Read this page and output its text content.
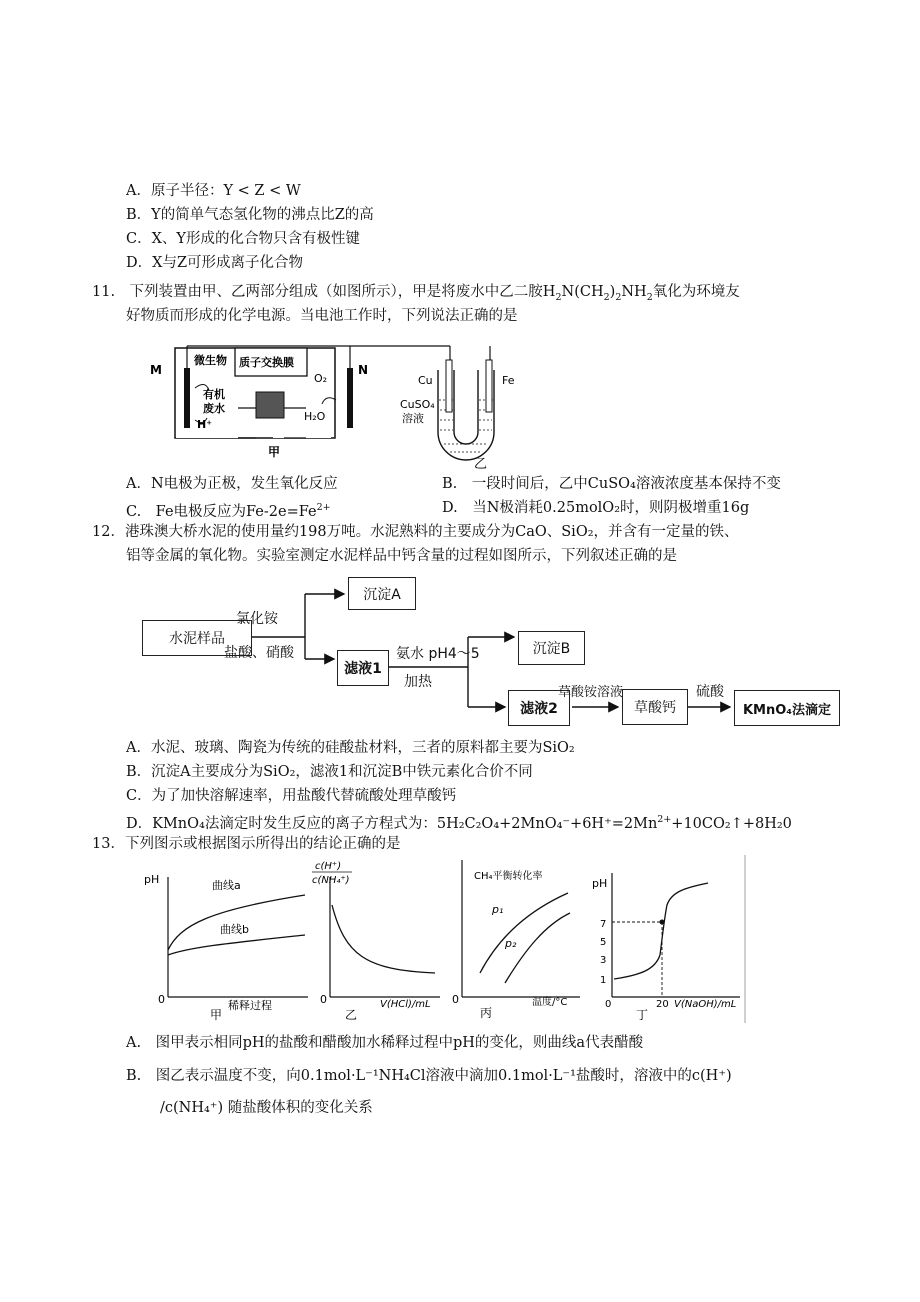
A．原子半径：Y < Z < W
B．Y的简单气态氢化物的沸点比Z的高
C．X、Y形成的化合物只含有极性键
D．X与Z可形成离子化合物
11.　下列装置由甲、乙两部分组成（如图所示），甲是将废水中乙二胺$H_2N(CH_2)_2NH_2$氧化为环境友
好物质而形成的化学电源。当电池工作时，下列说法正确的是
M
微生物
有机
废水
H⁺
质子交换膜
O₂
H₂O
N
甲
Cu	Fe
CuSO₄
溶液
乙
A．N电极为正极，发生氧化反应	B.　一段时间后，乙中CuSO₄溶液浓度基本保持不变
C.　Fe电极反应为$Fe-2e=Fe^{2+}$	D.　当N极消耗0.25molO₂时，则阴极增重16g
12．港珠澳大桥水泥的使用量约198万吨。水泥熟料的主要成分为CaO、SiO₂，并含有一定量的铁、
铝等金属的氧化物。实验室测定水泥样品中钙含量的过程如图所示，下列叙述正确的是
水泥样品
沉淀A
滤液1
沉淀B
滤液2	草酸钙	KMnO₄法滴定
氯化铵
盐酸、硝酸	氨水 pH4～5
加热
草酸铵溶液	硫酸
A．水泥、玻璃、陶瓷为传统的硅酸盐材料，三者的原料都主要为SiO₂
B．沉淀A主要成分为SiO₂，滤液1和沉淀B中铁元素化合价不同
C．为了加快溶解速率，用盐酸代替硫酸处理草酸钙
D．KMnO₄法滴定时发生反应的离子方程式为：$5H_2C_2O_4+2MnO_4^-+6H^+=2Mn^{2+}+10CO_2↑+8H_20$
13．下列图示或根据图示所得出的结论正确的是
pH
0
曲线a
曲线b
稀释过程
甲
c(H⁺)
c(NH₄⁺)
0	V(HCl)/mL
乙
CH₄平衡转化率
p₁
p₂
0	温度/°C
丙
pH
7
5
3
1
0	20 V(NaOH)/mL
丁
A.　图甲表示相同pH的盐酸和醋酸加水稀释过程中pH的变化，则曲线a代表醋酸
B.　图乙表示温度不变，向0.1mol·L⁻¹NH₄Cl溶液中滴加0.1mol·L⁻¹盐酸时，溶液中的c(H⁺)
/c(NH₄⁺) 随盐酸体积的变化关系
